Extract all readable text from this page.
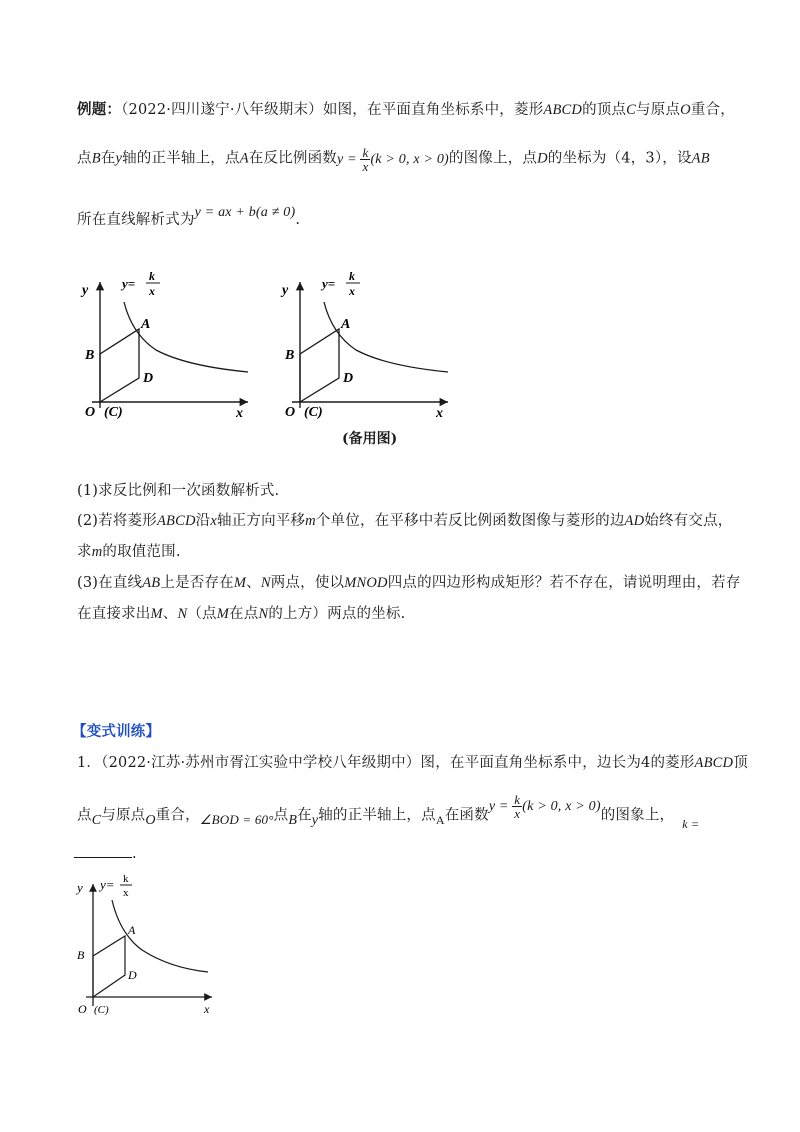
例题：（2022·四川遂宁·八年级期末）如图，在平面直角坐标系中，菱形ABCD的顶点C与原点O重合，
点B在y轴的正半轴上，点A在反比例函数$y = \frac{k}{x} (k > 0$, x > 0)的图像上，点D的坐标为（4，3），设AB
所在直线解析式为y = ax + b(a ≠ 0).
y	y= k
x
A
B
D
O (C)	x
y	y= k
x
A
B
D
O (C)	x
(备用图)
(1)求反比例和一次函数解析式.
(2)若将菱形ABCD沿x轴正方向平移m个单位，在平移中若反比例函数图像与菱形的边AD始终有交点，
求m的取值范围.
(3)在直线AB上是否存在M、N两点，使以MNOD四点的四边形构成矩形？若不存在，请说明理由，若存
在直接求出M、N（点M在点N的上方）两点的坐标.
【变式训练】
1．（2022·江苏·苏州市胥江实验中学校八年级期中）图，在平面直角坐标系中，边长为4的菱形ABCD顶
点C与原点O重合，∠BOD = 60°点B在y轴的正半轴上，点$_A$在函数$y = \frac{k}{x} (k > 0$, x > 0)的图象上， $_{k =}$
.
y y= k
x
A
B
D
O (C)	x
